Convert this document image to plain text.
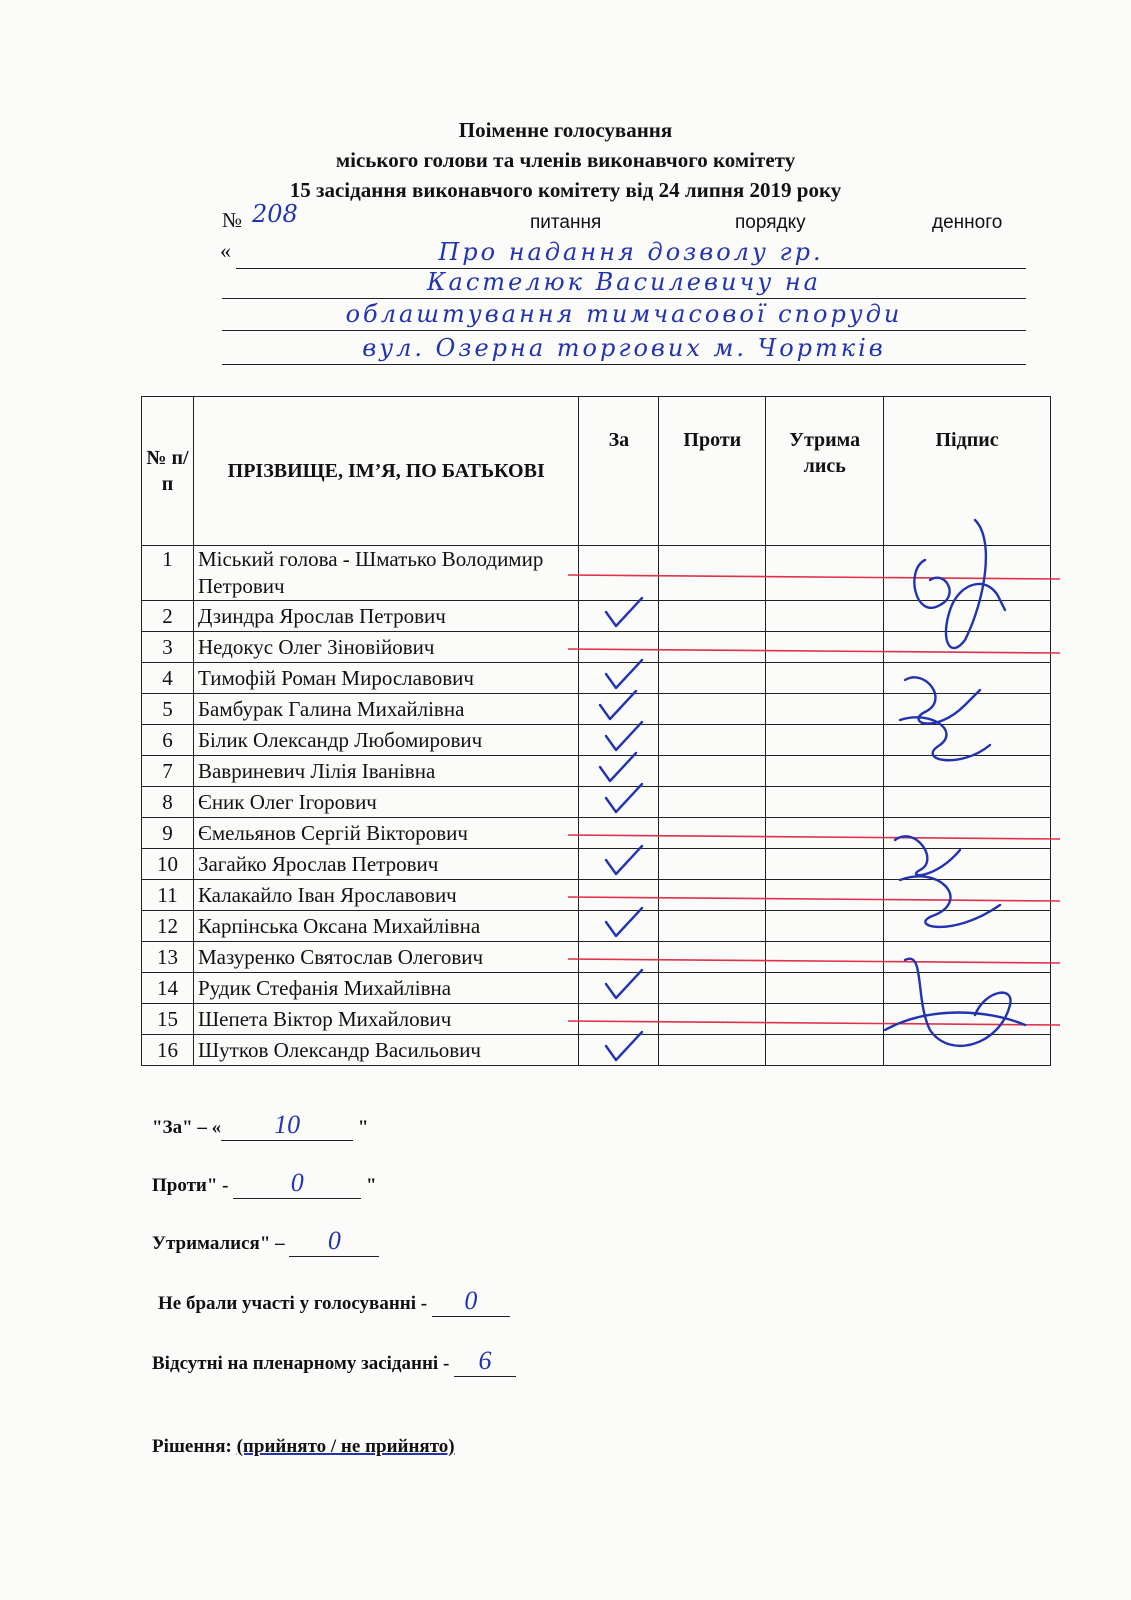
Поіменне голосування
міського голови та членів виконавчого комітету
15 засідання виконавчого комітету від 24 липня 2019 року
№ 208	питання	порядку	денного
«	Про надання дозволу гр.
Кастелюк Василевичу на
облаштування тимчасової споруди
вул. Озерна торгових м. Чортків
№ п/ п	ПРІЗВИЩЕ, ІМ’Я, ПО БАТЬКОВІ	За	Проти	Утрима лись	Підпис
1	Міський голова - Шматько Володимир Петрович				
2	Дзиндра Ярослав Петрович				
3	Недокус Олег Зіновійович				
4	Тимофій Роман Мирославович				
5	Бамбурак Галина Михайлівна				
6	Білик Олександр Любомирович				
7	Вавриневич Лілія Іванівна				
8	Єник Олег Ігорович				
9	Ємельянов Сергій Вікторович				
10	Загайко Ярослав Петрович				
11	Калакайло Іван Ярославович				
12	Карпінська Оксана Михайлівна				
13	Мазуренко Святослав Олегович				
14	Рудик Стефанія Михайлівна				
15	Шепета Віктор Михайлович				
16	Шутков Олександр Васильович				
"За" – « 10	"
Проти" - 0	"
Утрималися" – 0
Не брали участі у голосуванні - 0
Відсутні на пленарному засіданні - 6
Рішення: (прийнято / не прийнято)
